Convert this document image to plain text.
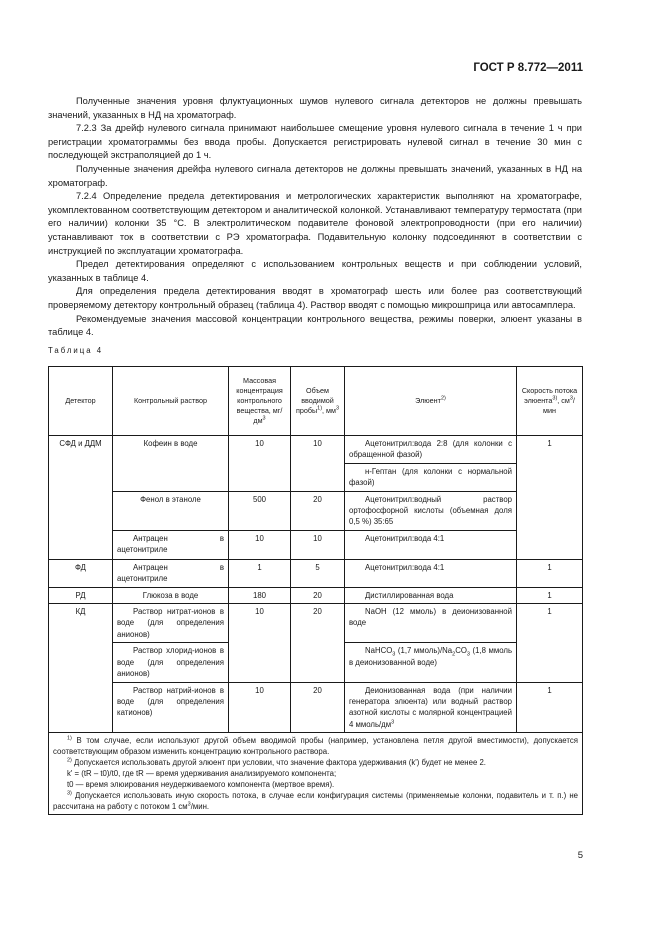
ГОСТ Р 8.772—2011

Полученные значения уровня флуктуационных шумов нулевого сигнала детекторов не должны превышать значений, указанных в НД на хроматограф.

7.2.3 За дрейф нулевого сигнала принимают наибольшее смещение уровня нулевого сигнала в течение 1 ч при регистрации хроматограммы без ввода пробы. Допускается регистрировать нулевой сигнал в течение 30 мин с последующей экстраполяцией до 1 ч.

Полученные значения дрейфа нулевого сигнала детекторов не должны превышать значений, указанных в НД на хроматограф.

7.2.4 Определение предела детектирования и метрологических характеристик выполняют на хроматографе, укомплектованном соответствующим детектором и аналитической колонкой. Устанавливают температуру термостата (при его наличии) колонки 35 °С. В электролитическом подавителе фоновой электропроводности (при его наличии) устанавливают ток в соответствии с РЭ хроматографа. Подавительную колонку подсоединяют в соответствии с инструкцией по эксплуатации хроматографа.

Предел детектирования определяют с использованием контрольных веществ и при соблюдении условий, указанных в таблице 4.

Для определения предела детектирования вводят в хроматограф шесть или более раз соответствующий проверяемому детектору контрольный образец (таблица 4). Раствор вводят с помощью микрошприца или автосамплера.

Рекомендуемые значения массовой концентрации контрольного вещества, режимы поверки, элюент указаны в таблице 4.

Таблица 4
Детектор	Контрольный раствор	Массовая концентрация контрольного вещества, $мг/дм^3$	Объем вводимой пробы$^{1)}$, $мм^3$	Элюент$^{2)}$	Скорость потока элюента$^{3)}$, $см^3$/мин
СФД и ДДМ	Кофеин в воде	10	10	Ацетонитрил:вода 2:8 (для колонки с обращенной фазой)	1
				н-Гептан (для колонки с нормальной фазой)	
	Фенол в этаноле	500	20	Ацетонитрил:водный раствор ортофосфорной кислоты (объемная доля 0,5 %) 35:65	
	Антрацен в ацетонитриле	10	10	Ацетонитрил:вода 4:1	
ФД	Антрацен в ацетонитриле	1	5	Ацетонитрил:вода 4:1	1
РД	Глюкоза в воде	180	20	Дистиллированная вода	1
КД	Раствор нитрат-ионов в воде (для определения анионов)	10	20	NaOH (12 ммоль) в деионизованной воде	1
	Раствор хлорид-ионов в воде (для определения анионов)			NaHCO$_3$ (1,7 $ммоль)/Na_2CO_3$ (1,8 ммоль в деионизованной воде)	
	Раствор натрий-ионов в воде (для определения катионов)	10	20	Деионизованная вода (при наличии генератора элюента) или водный раствор азотной кислоты с молярной концентрацией 4 ммоль/$дм^3$	1

$^{1)}$ В том случае, если используют другой объем вводимой пробы (например, установлена петля другой вместимости), допускается соответствующим образом изменить концентрацию контрольного раствора.

$^{2)}$ Допускается использовать другой элюент при условии, что значение фактора удерживания (k') будет не менее 2.

k' = (tR – t0)/t0, где tR — время удерживания анализируемого компонента;

t0 — время элюирования неудерживаемого компонента (мертвое время).

$^{3)}$ Допускается использовать иную скорость потока, в случае если конфигурация системы (применяемые колонки, подавитель и т. п.) не рассчитана на работу с потоком 1 $см^3$/мин.					

5
